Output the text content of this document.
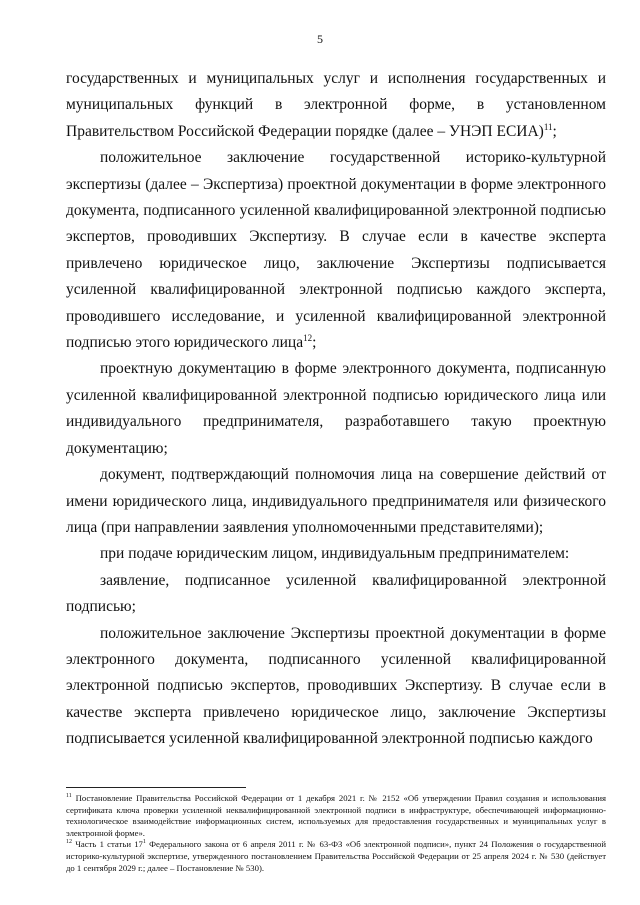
5

государственных и муниципальных услуг и исполнения государственных и муниципальных функций в электронной форме, в установленном Правительством Российской Федерации порядке (далее – УНЭП ЕСИА)$^{11}$;

положительное заключение государственной историко-культурной экспертизы (далее – Экспертиза) проектной документации в форме электронного документа, подписанного усиленной квалифицированной электронной подписью экспертов, проводивших Экспертизу. В случае если в качестве эксперта привлечено юридическое лицо, заключение Экспертизы подписывается усиленной квалифицированной электронной подписью каждого эксперта, проводившего исследование, и усиленной квалифицированной электронной подписью этого юридического лица$^{12}$;

проектную документацию в форме электронного документа, подписанную усиленной квалифицированной электронной подписью юридического лица или индивидуального предпринимателя, разработавшего такую проектную документацию;

документ, подтверждающий полномочия лица на совершение действий от имени юридического лица, индивидуального предпринимателя или физического лица (при направлении заявления уполномоченными представителями);

при подаче юридическим лицом, индивидуальным предпринимателем:

заявление, подписанное усиленной квалифицированной электронной подписью;

положительное заключение Экспертизы проектной документации в форме электронного документа, подписанного усиленной квалифицированной электронной подписью экспертов, проводивших Экспертизу. В случае если в качестве эксперта привлечено юридическое лицо, заключение Экспертизы подписывается усиленной квалифицированной электронной подписью каждого

$^{11}$ Постановление Правительства Российской Федерации от 1 декабря 2021 г. № 2152 «Об утверждении Правил создания и использования сертификата ключа проверки усиленной неквалифицированной электронной подписи в инфраструктуре, обеспечивающей информационно-технологическое взаимодействие информационных систем, используемых для предоставления государственных и муниципальных услуг в электронной форме».

$^{12}$ Часть 1 статьи $17^1$ Федерального закона от 6 апреля 2011 г. № 63-ФЗ «Об электронной подписи», пункт 24 Положения о государственной историко-культурной экспертизе, утвержденного постановлением Правительства Российской Федерации от 25 апреля 2024 г. № 530 (действует до 1 сентября 2029 г.; далее – Постановление № 530).
